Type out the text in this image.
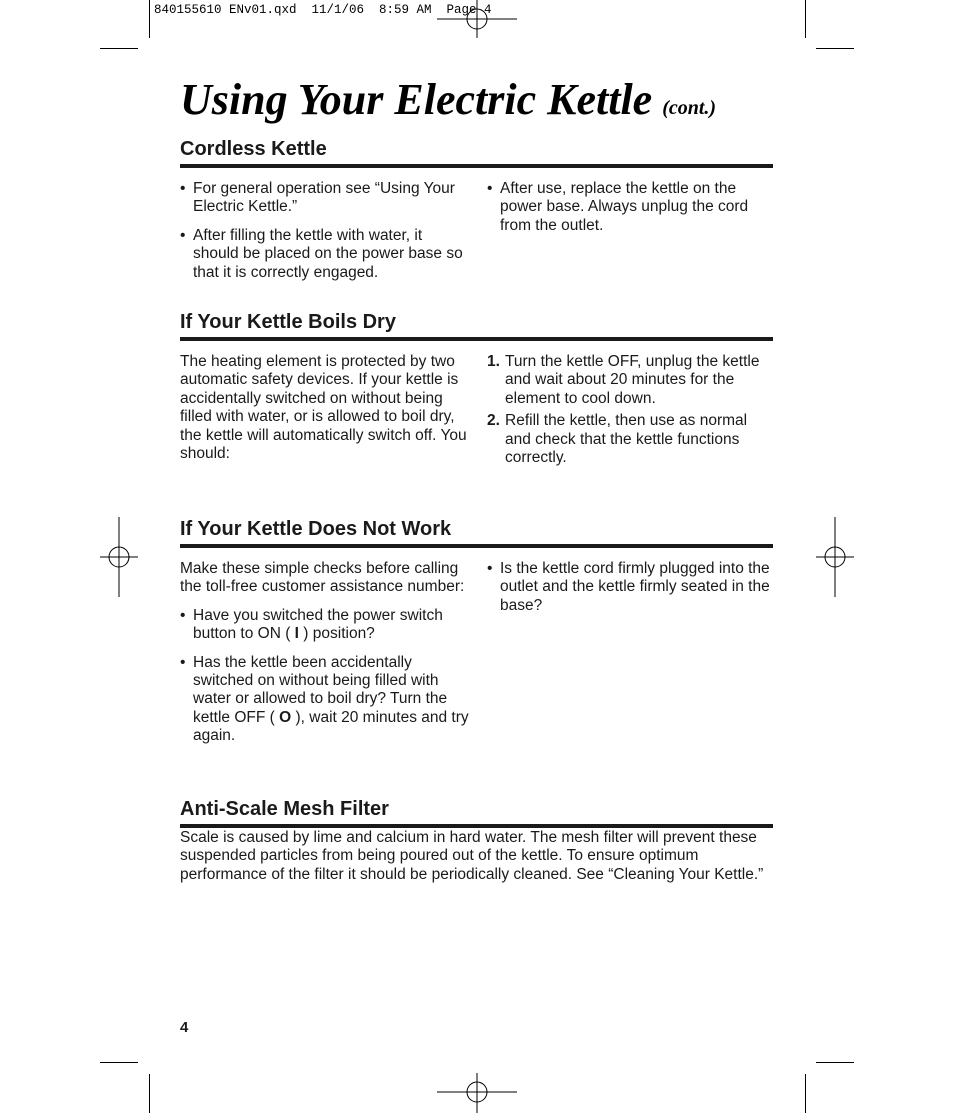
840155610 ENv01.qxd  11/1/06  8:59 AM  Page 4
Using Your Electric Kettle (cont.)
Cordless Kettle
• For general operation see “Using Your Electric Kettle.”
• After filling the kettle with water, it should be placed on the power base so that it is correctly engaged.
• After use, replace the kettle on the power base. Always unplug the cord from the outlet.
If Your Kettle Boils Dry

The heating element is protected by two automatic safety devices. If your kettle is accidentally switched on without being filled with water, or is allowed to boil dry, the kettle will automatically switch off. You should:

1. Turn the kettle OFF, unplug the kettle and wait about 20 minutes for the element to cool down.
2. Refill the kettle, then use as normal and check that the kettle functions correctly.
If Your Kettle Does Not Work

Make these simple checks before calling the toll-free customer assistance number:

• Have you switched the power switch button to ON ( I ) position?
• Has the kettle been accidentally switched on without being filled with water or allowed to boil dry? Turn the kettle OFF ( O ), wait 20 minutes and try again.
• Is the kettle cord firmly plugged into the outlet and the kettle firmly seated in the base?
Anti-Scale Mesh Filter

Scale is caused by lime and calcium in hard water. The mesh filter will prevent these suspended particles from being poured out of the kettle. To ensure optimum performance of the filter it should be periodically cleaned. See “Cleaning Your Kettle.”

4
